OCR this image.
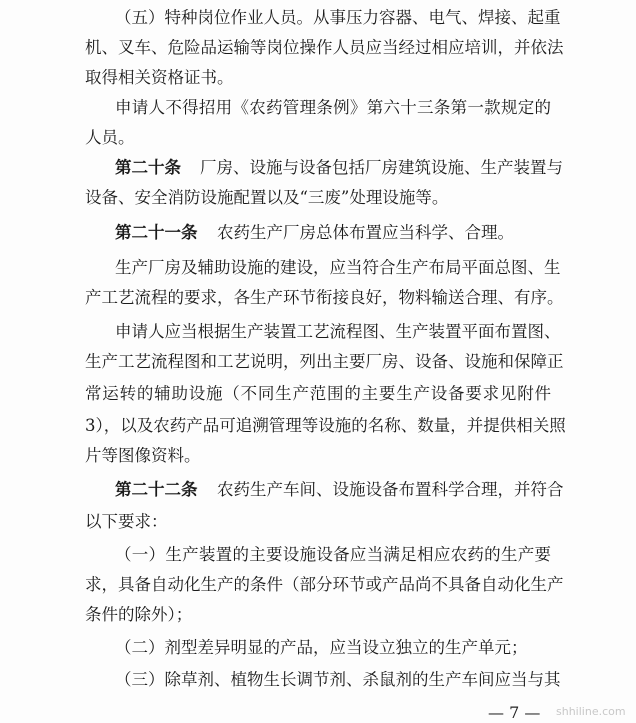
（五）特种岗位作业人员。从事压力容器、电气、焊接、起重
机、叉车、危险品运输等岗位操作人员应当经过相应培训，并依法
取得相关资格证书。
申请人不得招用《农药管理条例》第六十三条第一款规定的
人员。
第二十条 厂房、设施与设备包括厂房建筑设施、生产装置与
设备、安全消防设施配置以及“三废”处理设施等。
第二十一条 农药生产厂房总体布置应当科学、合理。
生产厂房及辅助设施的建设，应当符合生产布局平面总图、生
产工艺流程的要求，各生产环节衔接良好，物料输送合理、有序。
申请人应当根据生产装置工艺流程图、生产装置平面布置图、
生产工艺流程图和工艺说明，列出主要厂房、设备、设施和保障正
常运转的辅助设施（不同生产范围的主要生产设备要求见附件
3），以及农药产品可追溯管理等设施的名称、数量，并提供相关照
片等图像资料。
第二十二条 农药生产车间、设施设备布置科学合理，并符合
以下要求：
（一）生产装置的主要设施设备应当满足相应农药的生产要
求，具备自动化生产的条件（部分环节或产品尚不具备自动化生产
条件的除外）；
（二）剂型差异明显的产品，应当设立独立的生产单元；
（三）除草剂、植物生长调节剂、杀鼠剂的生产车间应当与其
— 7 — shhiline.com
